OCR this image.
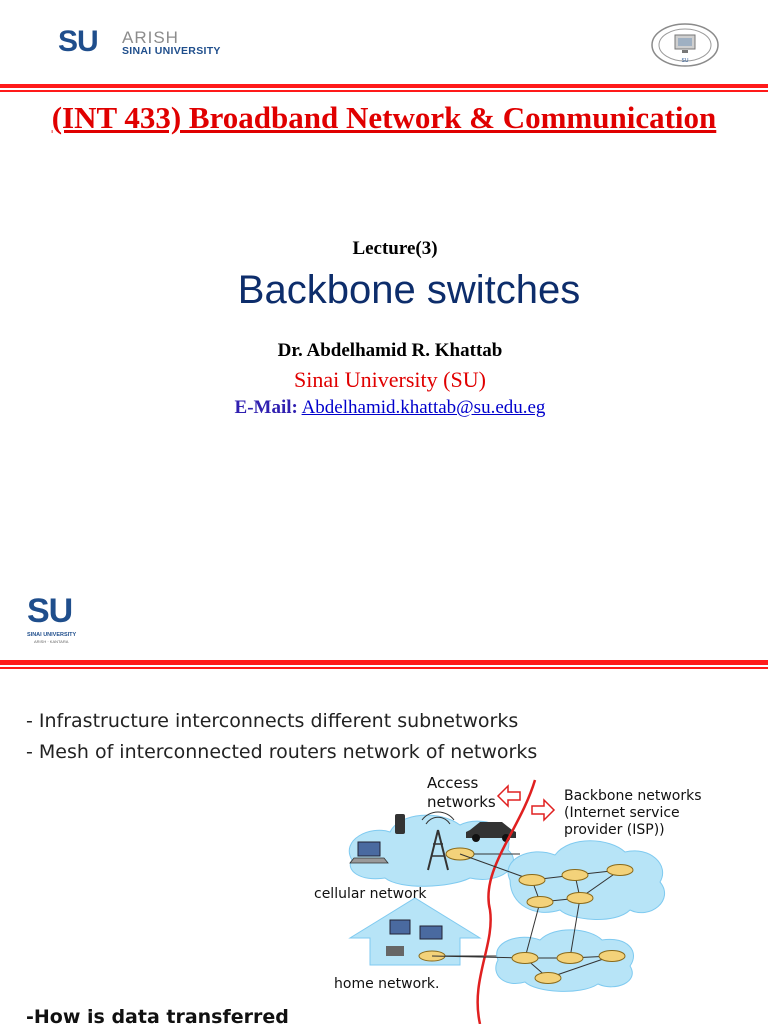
SU ARISH
SINAI UNIVERSITY
SU
(INT 433) Broadband Network & Communication
Lecture(3)
Backbone switches
Dr. Abdelhamid R. Khattab
Sinai University (SU)
E-Mail: Abdelhamid.khattab@su.edu.eg
SU
SINAI UNIVERSITY
ARISH · KANTARA
- Infrastructure interconnects different subnetworks
- Mesh of interconnected routers network of networks
Access
networks	Backbone networks
(Internet service
provider (ISP))
cellular network
home network.
-How is data transferred
